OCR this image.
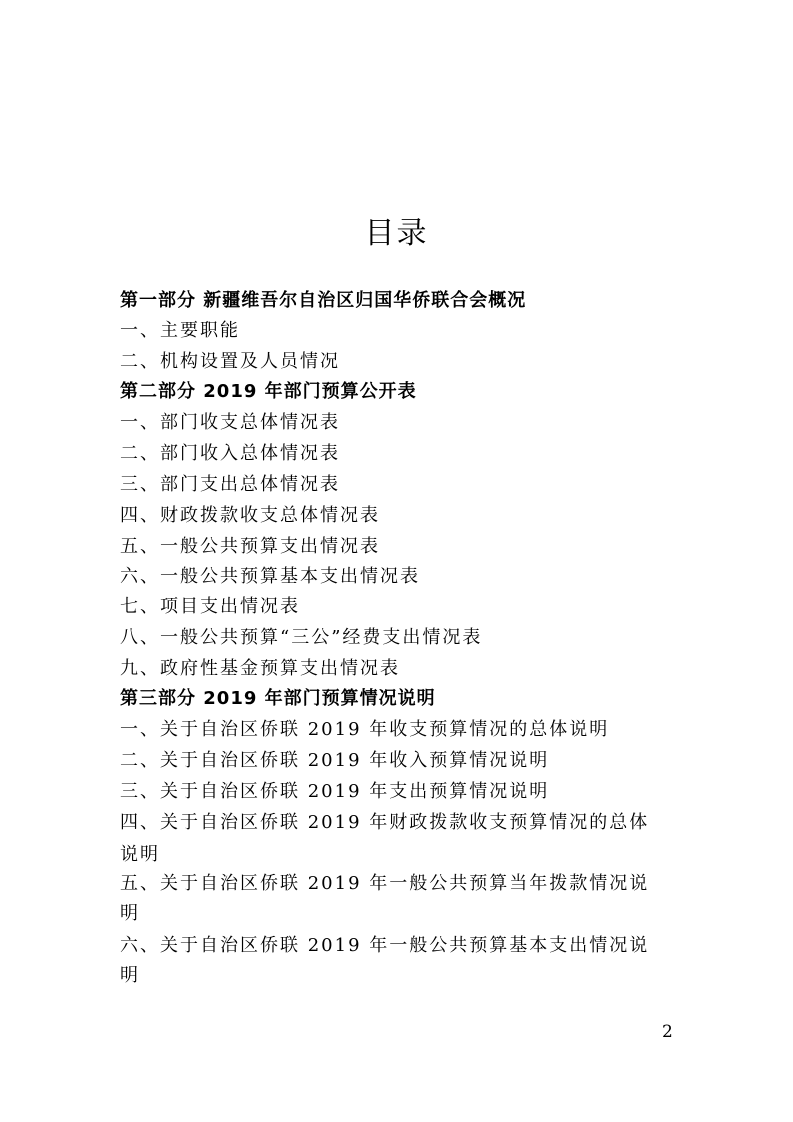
目录
第一部分 新疆维吾尔自治区归国华侨联合会概况
一、主要职能
二、机构设置及人员情况
第二部分 2019 年部门预算公开表
一、部门收支总体情况表
二、部门收入总体情况表
三、部门支出总体情况表
四、财政拨款收支总体情况表
五、一般公共预算支出情况表
六、一般公共预算基本支出情况表
七、项目支出情况表
八、一般公共预算“三公”经费支出情况表
九、政府性基金预算支出情况表
第三部分 2019 年部门预算情况说明
一、关于自治区侨联 2019 年收支预算情况的总体说明
二、关于自治区侨联 2019 年收入预算情况说明
三、关于自治区侨联 2019 年支出预算情况说明
四、关于自治区侨联 2019 年财政拨款收支预算情况的总体
说明
五、关于自治区侨联 2019 年一般公共预算当年拨款情况说
明
六、关于自治区侨联 2019 年一般公共预算基本支出情况说
明
2
